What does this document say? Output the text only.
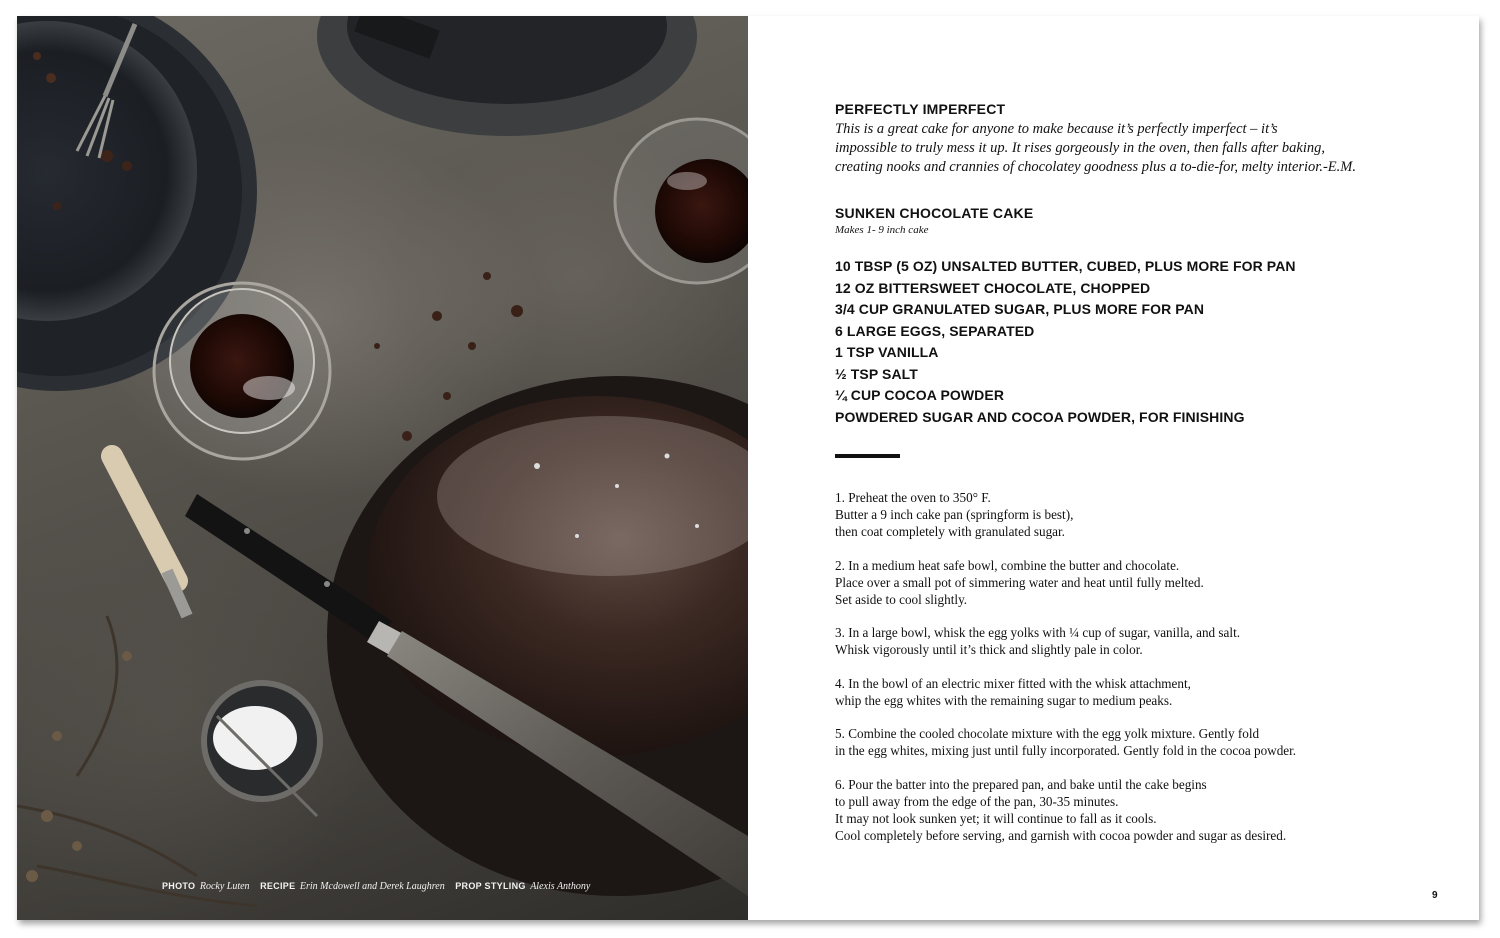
PHOTO Rocky Luten RECIPE Erin Mcdowell and Derek Laughren PROP STYLING Alexis Anthony
PERFECTLY IMPERFECT
This is a great cake for anyone to make because it’s perfectly imperfect – it’s
impossible to truly mess it up. It rises gorgeously in the oven, then falls after baking,
creating nooks and crannies of chocolatey goodness plus a to-die-for, melty interior.-E.M.
SUNKEN CHOCOLATE CAKE

Makes 1- 9 inch cake

10 TBSP (5 OZ) UNSALTED BUTTER, CUBED, PLUS MORE FOR PAN
12 OZ BITTERSWEET CHOCOLATE, CHOPPED
3/4 CUP GRANULATED SUGAR, PLUS MORE FOR PAN
6 LARGE EGGS, SEPARATED
1 TSP VANILLA
½ TSP SALT
¼ CUP COCOA POWDER
POWDERED SUGAR AND COCOA POWDER, FOR FINISHING
1. Preheat the oven to 350° F.
Butter a 9 inch cake pan (springform is best),
then coat completely with granulated sugar.
2. In a medium heat safe bowl, combine the butter and chocolate.
Place over a small pot of simmering water and heat until fully melted.
Set aside to cool slightly.
3. In a large bowl, whisk the egg yolks with ¼ cup of sugar, vanilla, and salt.
Whisk vigorously until it’s thick and slightly pale in color.
4. In the bowl of an electric mixer fitted with the whisk attachment,
whip the egg whites with the remaining sugar to medium peaks.
5. Combine the cooled chocolate mixture with the egg yolk mixture. Gently fold
in the egg whites, mixing just until fully incorporated. Gently fold in the cocoa powder.
6. Pour the batter into the prepared pan, and bake until the cake begins
to pull away from the edge of the pan, 30-35 minutes.
It may not look sunken yet; it will continue to fall as it cools.
Cool completely before serving, and garnish with cocoa powder and sugar as desired.
9
